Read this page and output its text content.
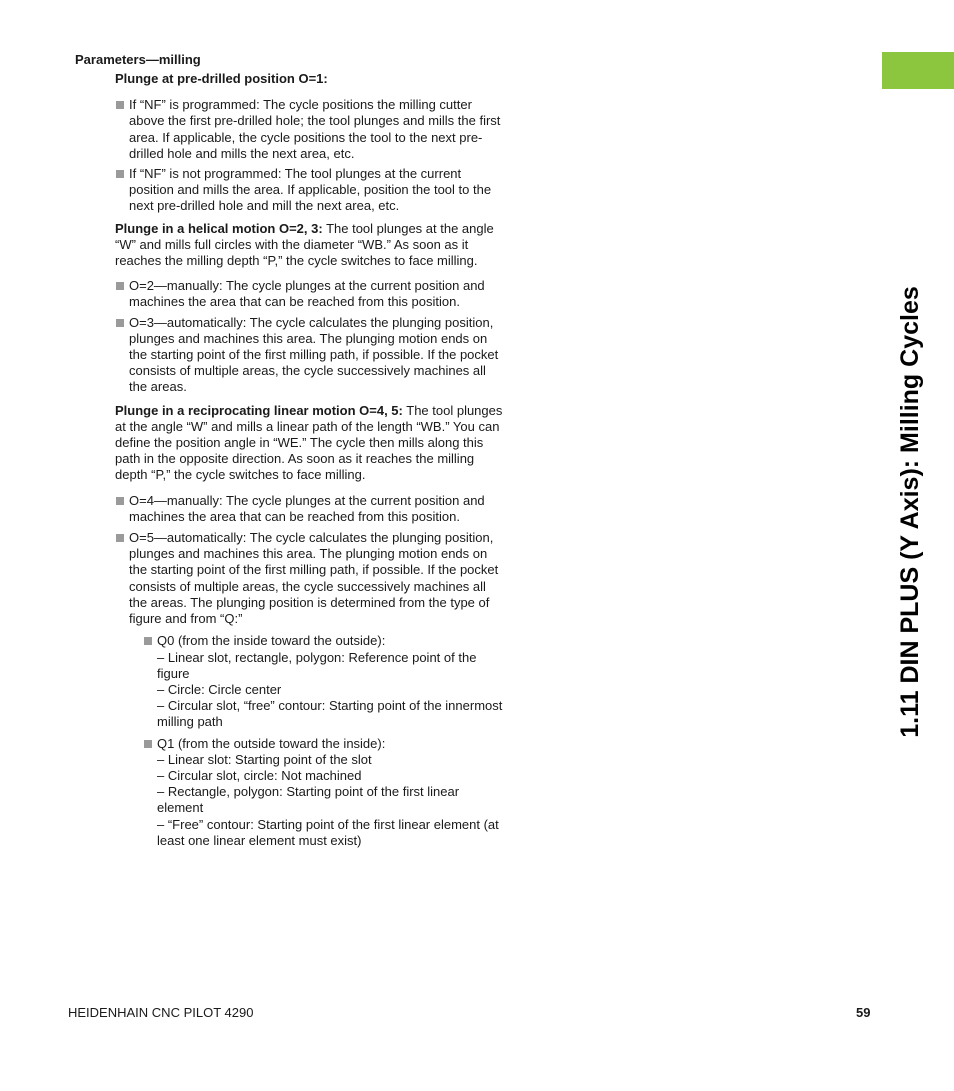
1.11 DIN PLUS (Y Axis): Milling Cycles
Parameters—milling
Plunge at pre-drilled position O=1:
If “NF” is programmed: The cycle positions the milling cutter above the first pre-drilled hole; the tool plunges and mills the first area. If applicable, the cycle positions the tool to the next pre-drilled hole and mills the next area, etc.
If “NF” is not programmed: The tool plunges at the current position and mills the area. If applicable, position the tool to the next pre-drilled hole and mill the next area, etc.

Plunge in a helical motion O=2, 3: The tool plunges at the angle “W” and mills full circles with the diameter “WB.” As soon as it reaches the milling depth “P,” the cycle switches to face milling.

O=2—manually: The cycle plunges at the current position and machines the area that can be reached from this position.
O=3—automatically: The cycle calculates the plunging position, plunges and machines this area. The plunging motion ends on the starting point of the first milling path, if possible. If the pocket consists of multiple areas, the cycle successively machines all the areas.

Plunge in a reciprocating linear motion O=4, 5: The tool plunges at the angle “W” and mills a linear path of the length “WB.” You can define the position angle in “WE.” The cycle then mills along this path in the opposite direction. As soon as it reaches the milling depth “P,” the cycle switches to face milling.

O=4—manually: The cycle plunges at the current position and machines the area that can be reached from this position.
O=5—automatically: The cycle calculates the plunging position, plunges and machines this area. The plunging motion ends on the starting point of the first milling path, if possible. If the pocket consists of multiple areas, the cycle successively machines all the areas. The plunging position is determined from the type of figure and from “Q:”
Q0 (from the inside toward the outside):
– Linear slot, rectangle, polygon: Reference point of the figure
– Circle: Circle center
– Circular slot, “free” contour: Starting point of the innermost milling path
Q1 (from the outside toward the inside):
– Linear slot: Starting point of the slot
– Circular slot, circle: Not machined
– Rectangle, polygon: Starting point of the first linear element
– “Free” contour: Starting point of the first linear element (at least one linear element must exist)
HEIDENHAIN CNC PILOT 4290	59
